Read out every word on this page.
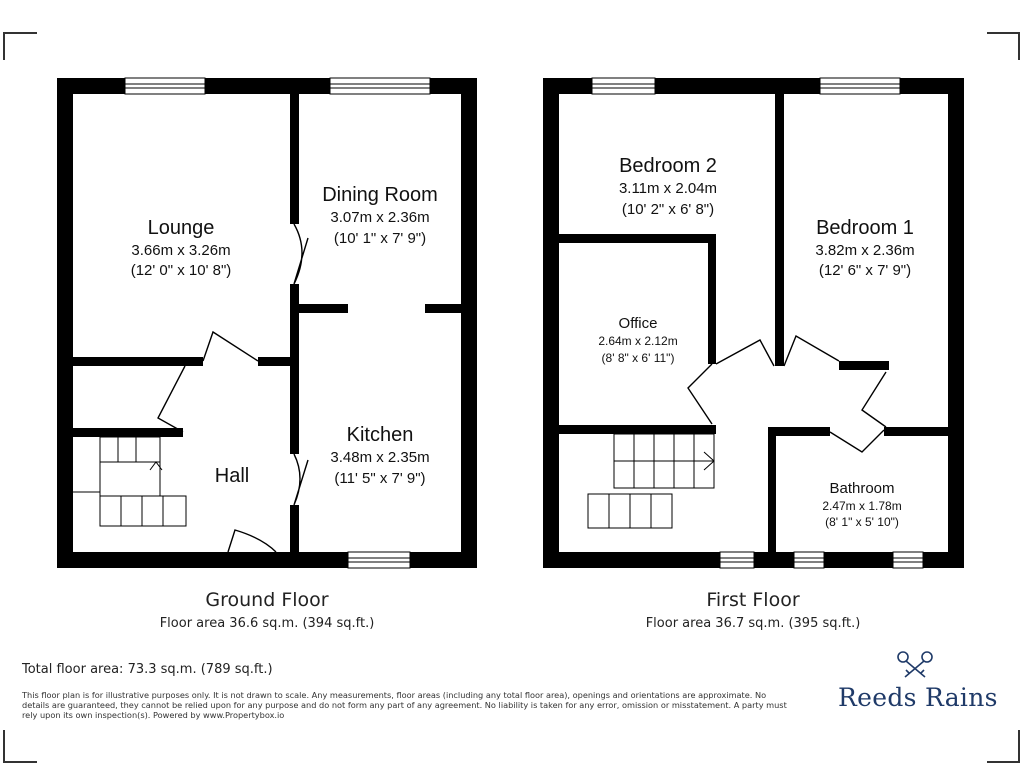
Lounge
3.66m x 3.26m
(12' 0" x 10' 8")
Dining Room
3.07m x 2.36m
(10' 1" x 7' 9")
Kitchen
3.48m x 2.35m
(11' 5" x 7' 9")
Hall
Ground Floor
Floor area 36.6 sq.m. (394 sq.ft.)
Bedroom 2
3.11m x 2.04m
(10' 2" x 6' 8")
Bedroom 1
3.82m x 2.36m
(12' 6" x 7' 9")
Office
2.64m x 2.12m
(8' 8" x 6' 11")
Bathroom
2.47m x 1.78m
(8' 1" x 5' 10")
First Floor
Floor area 36.7 sq.m. (395 sq.ft.)
Total floor area: 73.3 sq.m. (789 sq.ft.)
This floor plan is for illustrative purposes only. It is not drawn to scale. Any measurements, floor areas (including any total floor area), openings and orientations are approximate. No details are guaranteed, they cannot be relied upon for any purpose and do not form any part of any agreement. No liability is taken for any error, omission or misstatement. A party must rely upon its own inspection(s). Powered by www.Propertybox.io
Reeds Rains
